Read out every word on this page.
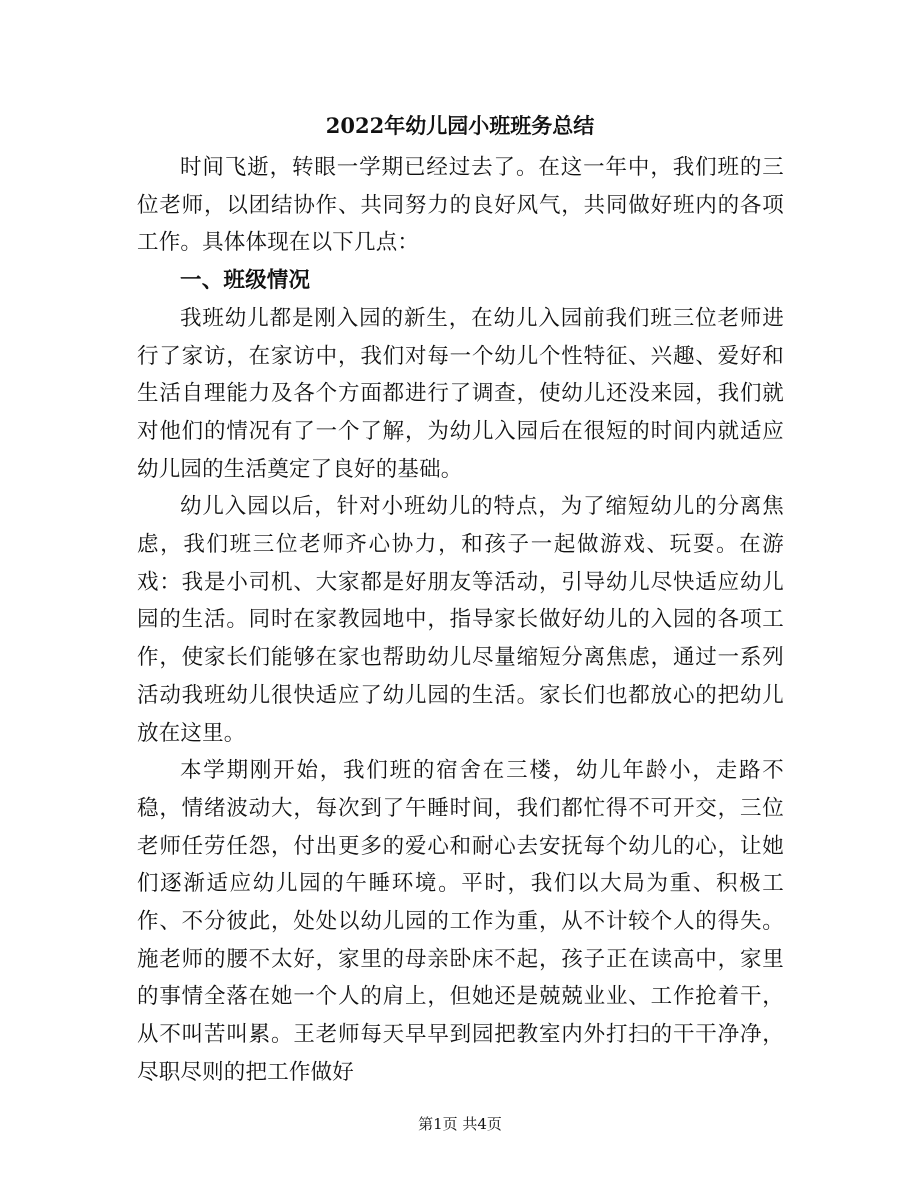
2022年幼儿园小班班务总结

时间飞逝，转眼一学期已经过去了。在这一年中，我们班的三位老师，以团结协作、共同努力的良好风气，共同做好班内的各项工作。具体体现在以下几点：

一、班级情况

我班幼儿都是刚入园的新生，在幼儿入园前我们班三位老师进行了家访，在家访中，我们对每一个幼儿个性特征、兴趣、爱好和生活自理能力及各个方面都进行了调查，使幼儿还没来园，我们就对他们的情况有了一个了解，为幼儿入园后在很短的时间内就适应幼儿园的生活奠定了良好的基础。

幼儿入园以后，针对小班幼儿的特点，为了缩短幼儿的分离焦虑，我们班三位老师齐心协力，和孩子一起做游戏、玩耍。在游戏：我是小司机、大家都是好朋友等活动，引导幼儿尽快适应幼儿园的生活。同时在家教园地中，指导家长做好幼儿的入园的各项工作，使家长们能够在家也帮助幼儿尽量缩短分离焦虑，通过一系列活动我班幼儿很快适应了幼儿园的生活。家长们也都放心的把幼儿放在这里。

本学期刚开始，我们班的宿舍在三楼，幼儿年龄小，走路不稳，情绪波动大，每次到了午睡时间，我们都忙得不可开交，三位老师任劳任怨，付出更多的爱心和耐心去安抚每个幼儿的心，让她们逐渐适应幼儿园的午睡环境。平时，我们以大局为重、积极工作、不分彼此，处处以幼儿园的工作为重，从不计较个人的得失。施老师的腰不太好，家里的母亲卧床不起，孩子正在读高中，家里的事情全落在她一个人的肩上，但她还是兢兢业业、工作抢着干，从不叫苦叫累。王老师每天早早到园把教室内外打扫的干干净净，尽职尽则的把工作做好

第1页 共4页
